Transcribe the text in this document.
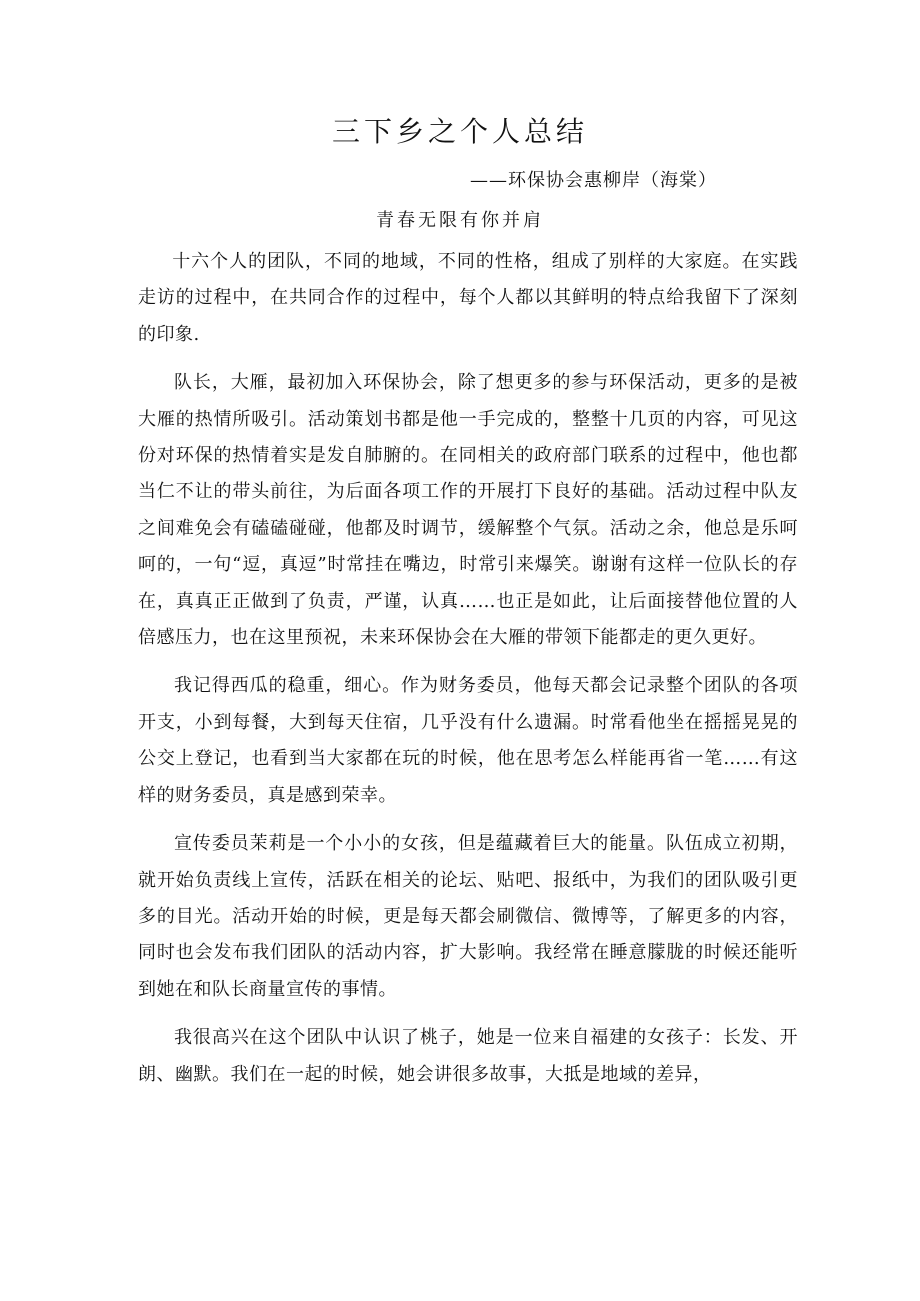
三下乡之个人总结
——环保协会惠柳岸（海棠）
青春无限有你并肩

十六个人的团队，不同的地域，不同的性格，组成了别样的大家庭。在实践走访的过程中，在共同合作的过程中，每个人都以其鲜明的特点给我留下了深刻的印象.

队长，大雁，最初加入环保协会，除了想更多的参与环保活动，更多的是被大雁的热情所吸引。活动策划书都是他一手完成的，整整十几页的内容，可见这份对环保的热情着实是发自肺腑的。在同相关的政府部门联系的过程中，他也都当仁不让的带头前往，为后面各项工作的开展打下良好的基础。活动过程中队友之间难免会有磕磕碰碰，他都及时调节，缓解整个气氛。活动之余，他总是乐呵呵的，一句“逗，真逗”时常挂在嘴边，时常引来爆笑。谢谢有这样一位队长的存在，真真正正做到了负责，严谨，认真……也正是如此，让后面接替他位置的人倍感压力，也在这里预祝，未来环保协会在大雁的带领下能都走的更久更好。

我记得西瓜的稳重，细心。作为财务委员，他每天都会记录整个团队的各项开支，小到每餐，大到每天住宿，几乎没有什么遗漏。时常看他坐在摇摇晃晃的公交上登记，也看到当大家都在玩的时候，他在思考怎么样能再省一笔……有这样的财务委员，真是感到荣幸。

宣传委员茉莉是一个小小的女孩，但是蕴藏着巨大的能量。队伍成立初期，就开始负责线上宣传，活跃在相关的论坛、贴吧、报纸中，为我们的团队吸引更多的目光。活动开始的时候，更是每天都会刷微信、微博等，了解更多的内容，同时也会发布我们团队的活动内容，扩大影响。我经常在睡意朦胧的时候还能听到她在和队长商量宣传的事情。

我很高兴在这个团队中认识了桃子，她是一位来自福建的女孩子：长发、开朗、幽默。我们在一起的时候，她会讲很多故事，大抵是地域的差异，
